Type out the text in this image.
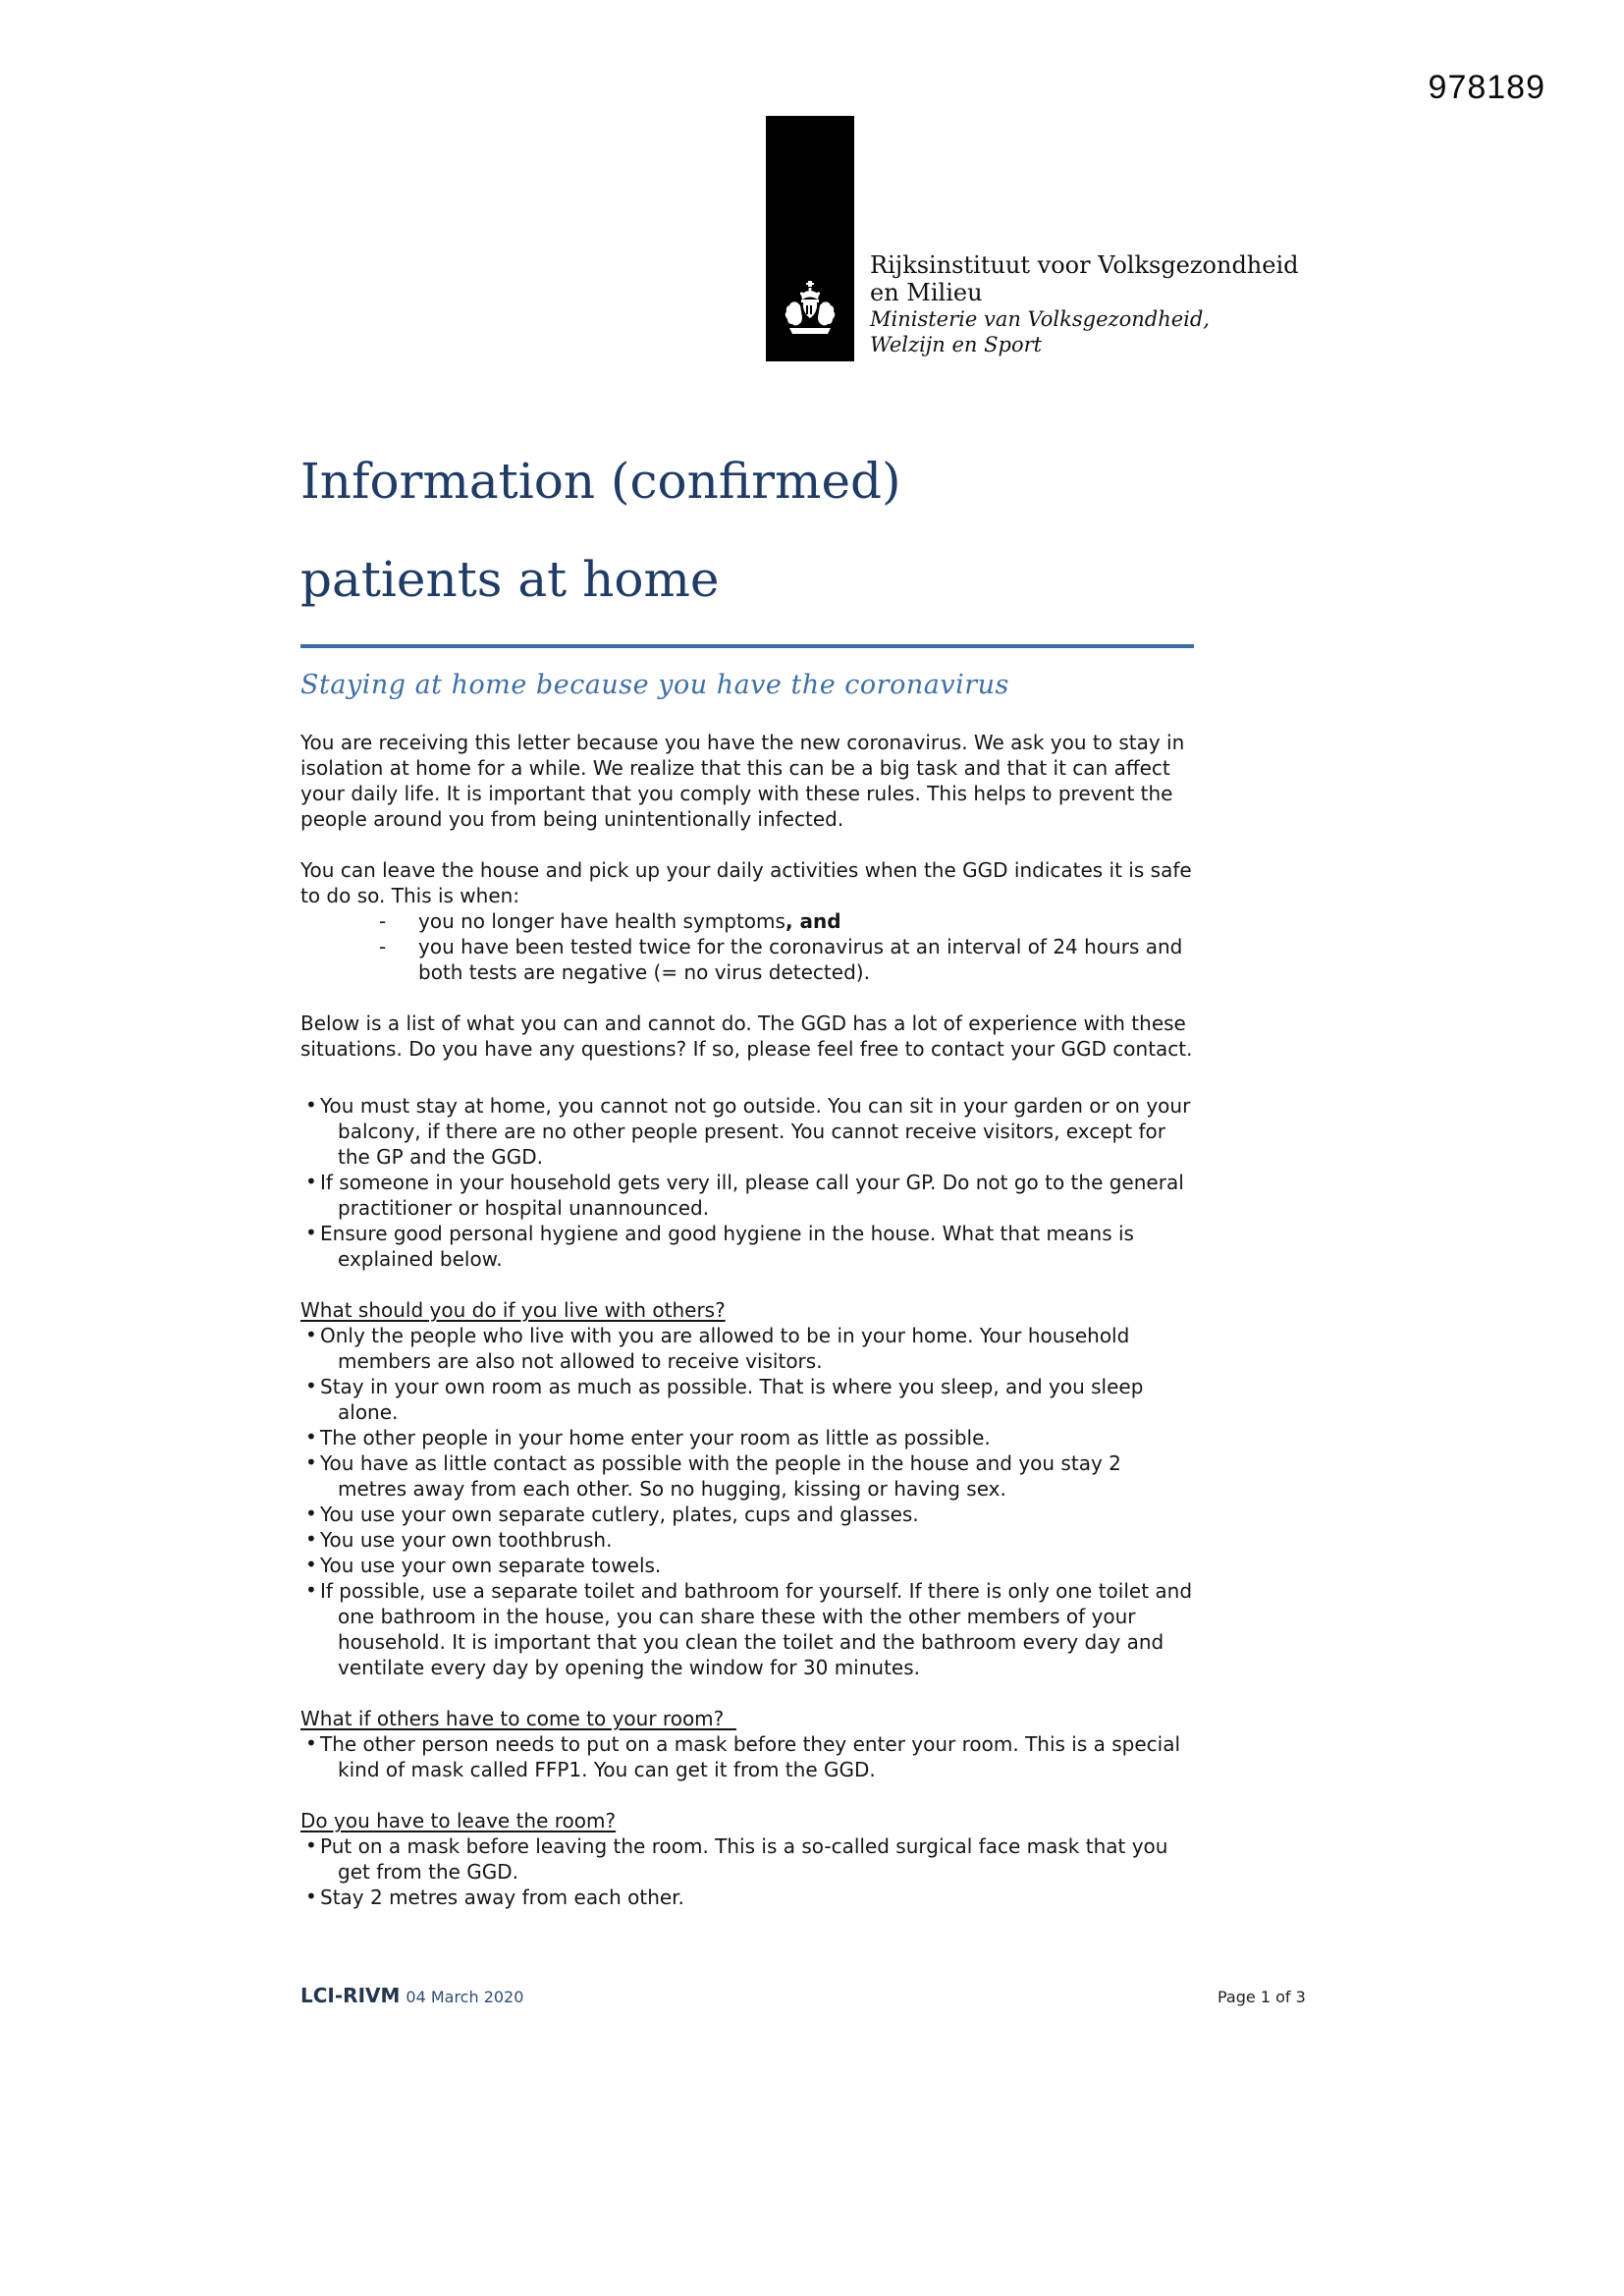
978189
Rijksinstituut voor Volksgezondheid
en Milieu
Ministerie van Volksgezondheid,
Welzijn en Sport
Information (confirmed)
patients at home
Staying at home because you have the coronavirus

You are receiving this letter because you have the new coronavirus. We ask you to stay in isolation at home for a while. We realize that this can be a big task and that it can affect your daily life. It is important that you comply with these rules. This helps to prevent the people around you from being unintentionally infected.

You can leave the house and pick up your daily activities when the GGD indicates it is safe to do so. This is when:

- you no longer have health symptoms, and
- you have been tested twice for the coronavirus at an interval of 24 hours and both tests are negative (= no virus detected).

Below is a list of what you can and cannot do. The GGD has a lot of experience with these situations. Do you have any questions? If so, please feel free to contact your GGD contact.

• You must stay at home, you cannot not go outside. You can sit in your garden or on your balcony, if there are no other people present. You cannot receive visitors, except for the GP and the GGD.
• If someone in your household gets very ill, please call your GP. Do not go to the general practitioner or hospital unannounced.
• Ensure good personal hygiene and good hygiene in the house. What that means is explained below.
What should you do if you live with others?
• Only the people who live with you are allowed to be in your home. Your household members are also not allowed to receive visitors.
• Stay in your own room as much as possible. That is where you sleep, and you sleep alone.
• The other people in your home enter your room as little as possible.
• You have as little contact as possible with the people in the house and you stay 2 metres away from each other. So no hugging, kissing or having sex.
• You use your own separate cutlery, plates, cups and glasses.
• You use your own toothbrush.
• You use your own separate towels.
• If possible, use a separate toilet and bathroom for yourself. If there is only one toilet and one bathroom in the house, you can share these with the other members of your household. It is important that you clean the toilet and the bathroom every day and ventilate every day by opening the window for 30 minutes.
What if others have to come to your room?
• The other person needs to put on a mask before they enter your room. This is a special kind of mask called FFP1. You can get it from the GGD.
Do you have to leave the room?
• Put on a mask before leaving the room. This is a so-called surgical face mask that you get from the GGD.
• Stay 2 metres away from each other.
LCI-RIVM 04 March 2020	Page 1 of 3
